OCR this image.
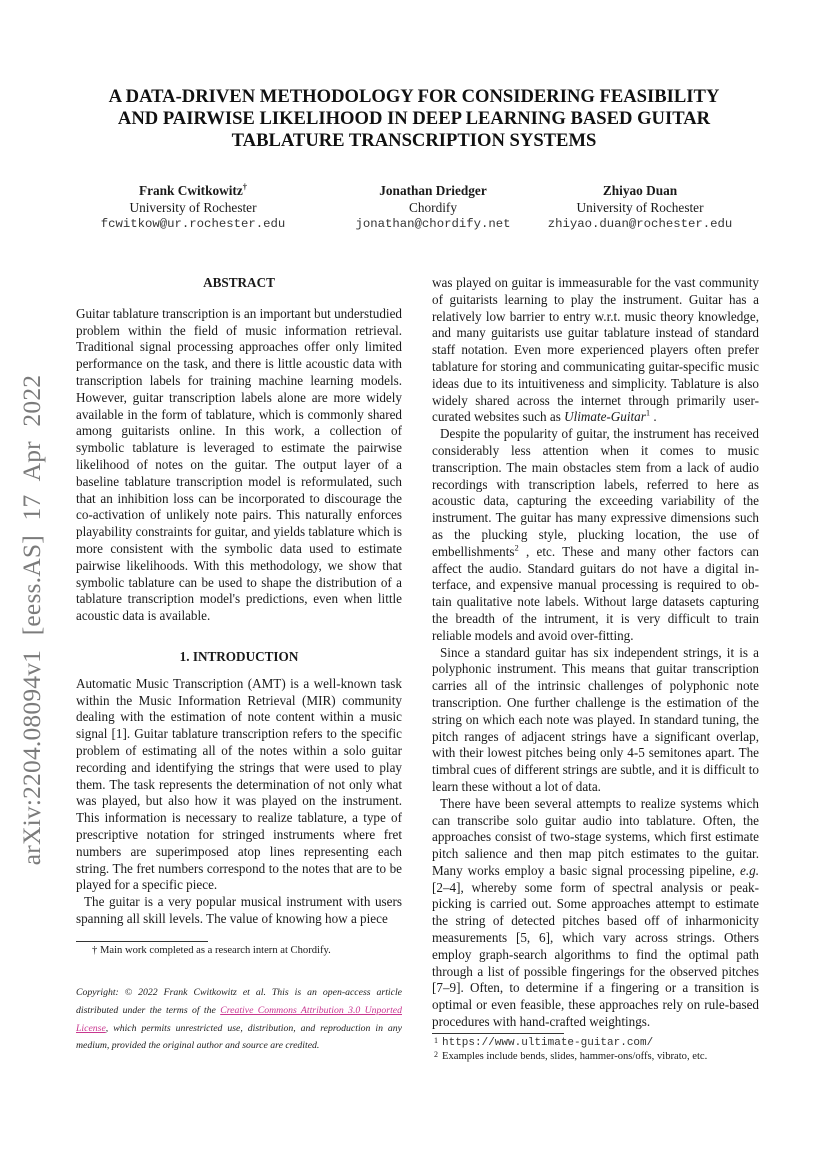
arXiv:2204.08094v1 [eess.AS] 17 Apr 2022
A DATA-DRIVEN METHODOLOGY FOR CONSIDERING FEASIBILITY
AND PAIRWISE LIKELIHOOD IN DEEP LEARNING BASED GUITAR
TABLATURE TRANSCRIPTION SYSTEMS
Frank Cwitkowitz†
University of Rochester
fcwitkow@ur.rochester.edu
Jonathan Driedger
Chordify
jonathan@chordify.net
Zhiyao Duan
University of Rochester
zhiyao.duan@rochester.edu
ABSTRACT

Guitar tablature transcription is an important but understudied problem within the field of music information retrieval. Traditional signal processing approaches offer only limited performance on the task, and there is little acoustic data with transcription labels for training machine learning models. However, guitar transcription labels alone are more widely available in the form of tablature, which is commonly shared among guitarists online. In this work, a collection of symbolic tablature is leveraged to estimate the pairwise likelihood of notes on the guitar. The output layer of a baseline tablature transcription model is reformulated, such that an inhibition loss can be incorporated to discourage the co-activation of unlikely note pairs. This naturally enforces playability constraints for guitar, and yields tablature which is more consistent with the symbolic data used to estimate pairwise likelihoods. With this methodology, we show that symbolic tablature can be used to shape the distribution of a tablature transcription model's predictions, even when little acoustic data is available.

1. INTRODUCTION

Automatic Music Transcription (AMT) is a well-known task within the Music Information Retrieval (MIR) community dealing with the estimation of note content within a music signal [1]. Guitar tablature transcription refers to the specific problem of estimating all of the notes within a solo guitar recording and identifying the strings that were used to play them. The task represents the determination of not only what was played, but also how it was played on the instrument. This information is necessary to realize tablature, a type of prescriptive notation for stringed instruments where fret numbers are superimposed atop lines representing each string. The fret numbers correspond to the notes that are to be played for a specific piece.

The guitar is a very popular musical instrument with users spanning all skill levels. The value of knowing how a piece

† Main work completed as a research intern at Chordify.
Copyright: © 2022 Frank Cwitkowitz et al. This is an open-access article distributed under the terms of the Creative Commons Attribution 3.0 Unported License, which permits unrestricted use, distribution, and reproduction in any medium, provided the original author and source are credited.

was played on guitar is immeasurable for the vast community of guitarists learning to play the instrument. Guitar has a relatively low barrier to entry w.r.t. music theory knowledge, and many guitarists use guitar tablature instead of standard staff notation. Even more experienced players often prefer tablature for storing and communicating guitar-specific music ideas due to its intuitiveness and simplicity. Tablature is also widely shared across the internet through primarily user-curated websites such as Ulimate-Guitar$^1$ .

Despite the popularity of guitar, the instrument has received considerably less attention when it comes to music transcription. The main obstacles stem from a lack of audio recordings with transcription labels, referred to here as acoustic data, capturing the exceeding variability of the instrument. The guitar has many expressive dimensions such as the plucking style, plucking location, the use of embellishments$^2$ , etc. These and many other factors can affect the audio. Standard guitars do not have a digital interface, and expensive manual processing is required to obtain qualitative note labels. Without large datasets capturing the breadth of the intrument, it is very difficult to train reliable models and avoid over-fitting.

Since a standard guitar has six independent strings, it is a polyphonic instrument. This means that guitar transcription carries all of the intrinsic challenges of polyphonic note transcription. One further challenge is the estimation of the string on which each note was played. In standard tuning, the pitch ranges of adjacent strings have a significant overlap, with their lowest pitches being only 4-5 semitones apart. The timbral cues of different strings are subtle, and it is difficult to learn these without a lot of data.

There have been several attempts to realize systems which can transcribe solo guitar audio into tablature. Often, the approaches consist of two-stage systems, which first estimate pitch salience and then map pitch estimates to the guitar. Many works employ a basic signal processing pipeline, e.g. [2–4], whereby some form of spectral analysis or peak-picking is carried out. Some approaches attempt to estimate the string of detected pitches based off of inharmonicity measurements [5, 6], which vary across strings. Others employ graph-search algorithms to find the optimal path through a list of possible fingerings for the observed pitches [7–9]. Often, to determine if a fingering or a transition is optimal or even feasible, these approaches rely on rule-based procedures with hand-crafted weightings.

1 https://www.ultimate-guitar.com/
2 Examples include bends, slides, hammer-ons/offs, vibrato, etc.
